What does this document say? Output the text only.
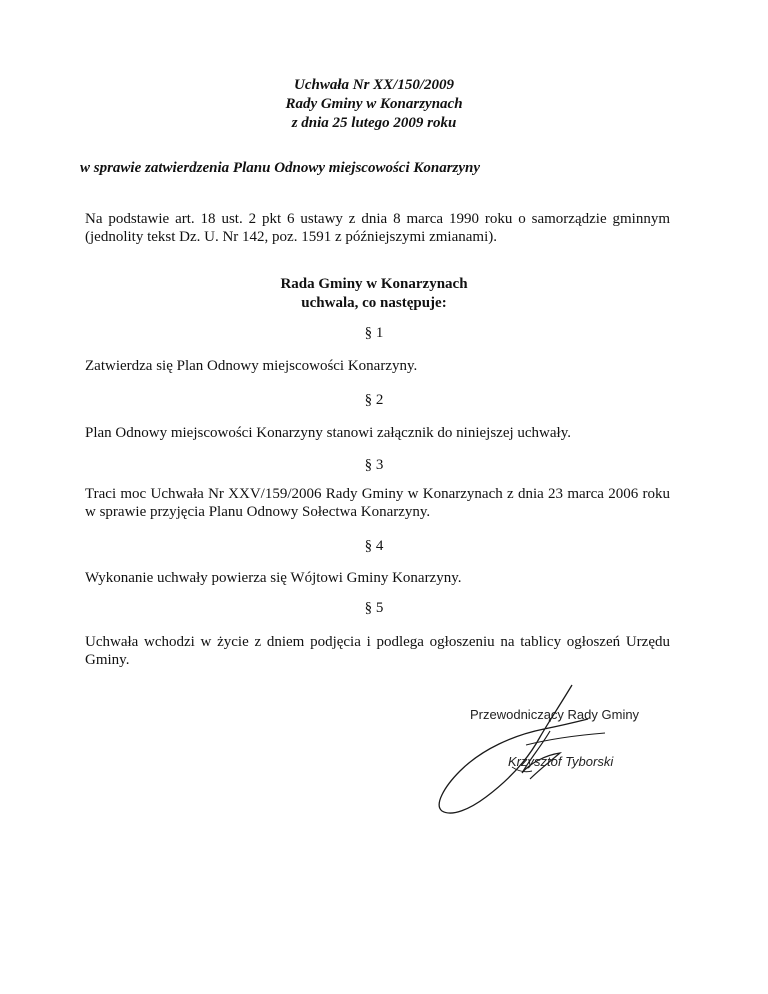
Uchwała Nr XX/150/2009
Rady Gminy w Konarzynach
z dnia 25 lutego 2009 roku
w sprawie zatwierdzenia Planu Odnowy miejscowości Konarzyny
Na podstawie art. 18 ust. 2 pkt 6 ustawy z dnia 8 marca 1990 roku o samorządzie gminnym (jednolity tekst Dz. U. Nr 142, poz. 1591 z późniejszymi zmianami).
Rada Gminy w Konarzynach
uchwala, co następuje:
§ 1
Zatwierdza się Plan Odnowy miejscowości Konarzyny.
§ 2
Plan Odnowy miejscowości Konarzyny stanowi załącznik do niniejszej uchwały.
§ 3
Traci moc Uchwała Nr XXV/159/2006 Rady Gminy w Konarzynach z dnia 23 marca 2006 roku w sprawie przyjęcia Planu Odnowy Sołectwa Konarzyny.
§ 4
Wykonanie uchwały powierza się Wójtowi Gminy Konarzyny.
§ 5
Uchwała wchodzi w życie z dniem podjęcia i podlega ogłoszeniu na tablicy ogłoszeń Urzędu Gminy.
Przewodniczący Rady Gminy
Krzysztof Tyborski
